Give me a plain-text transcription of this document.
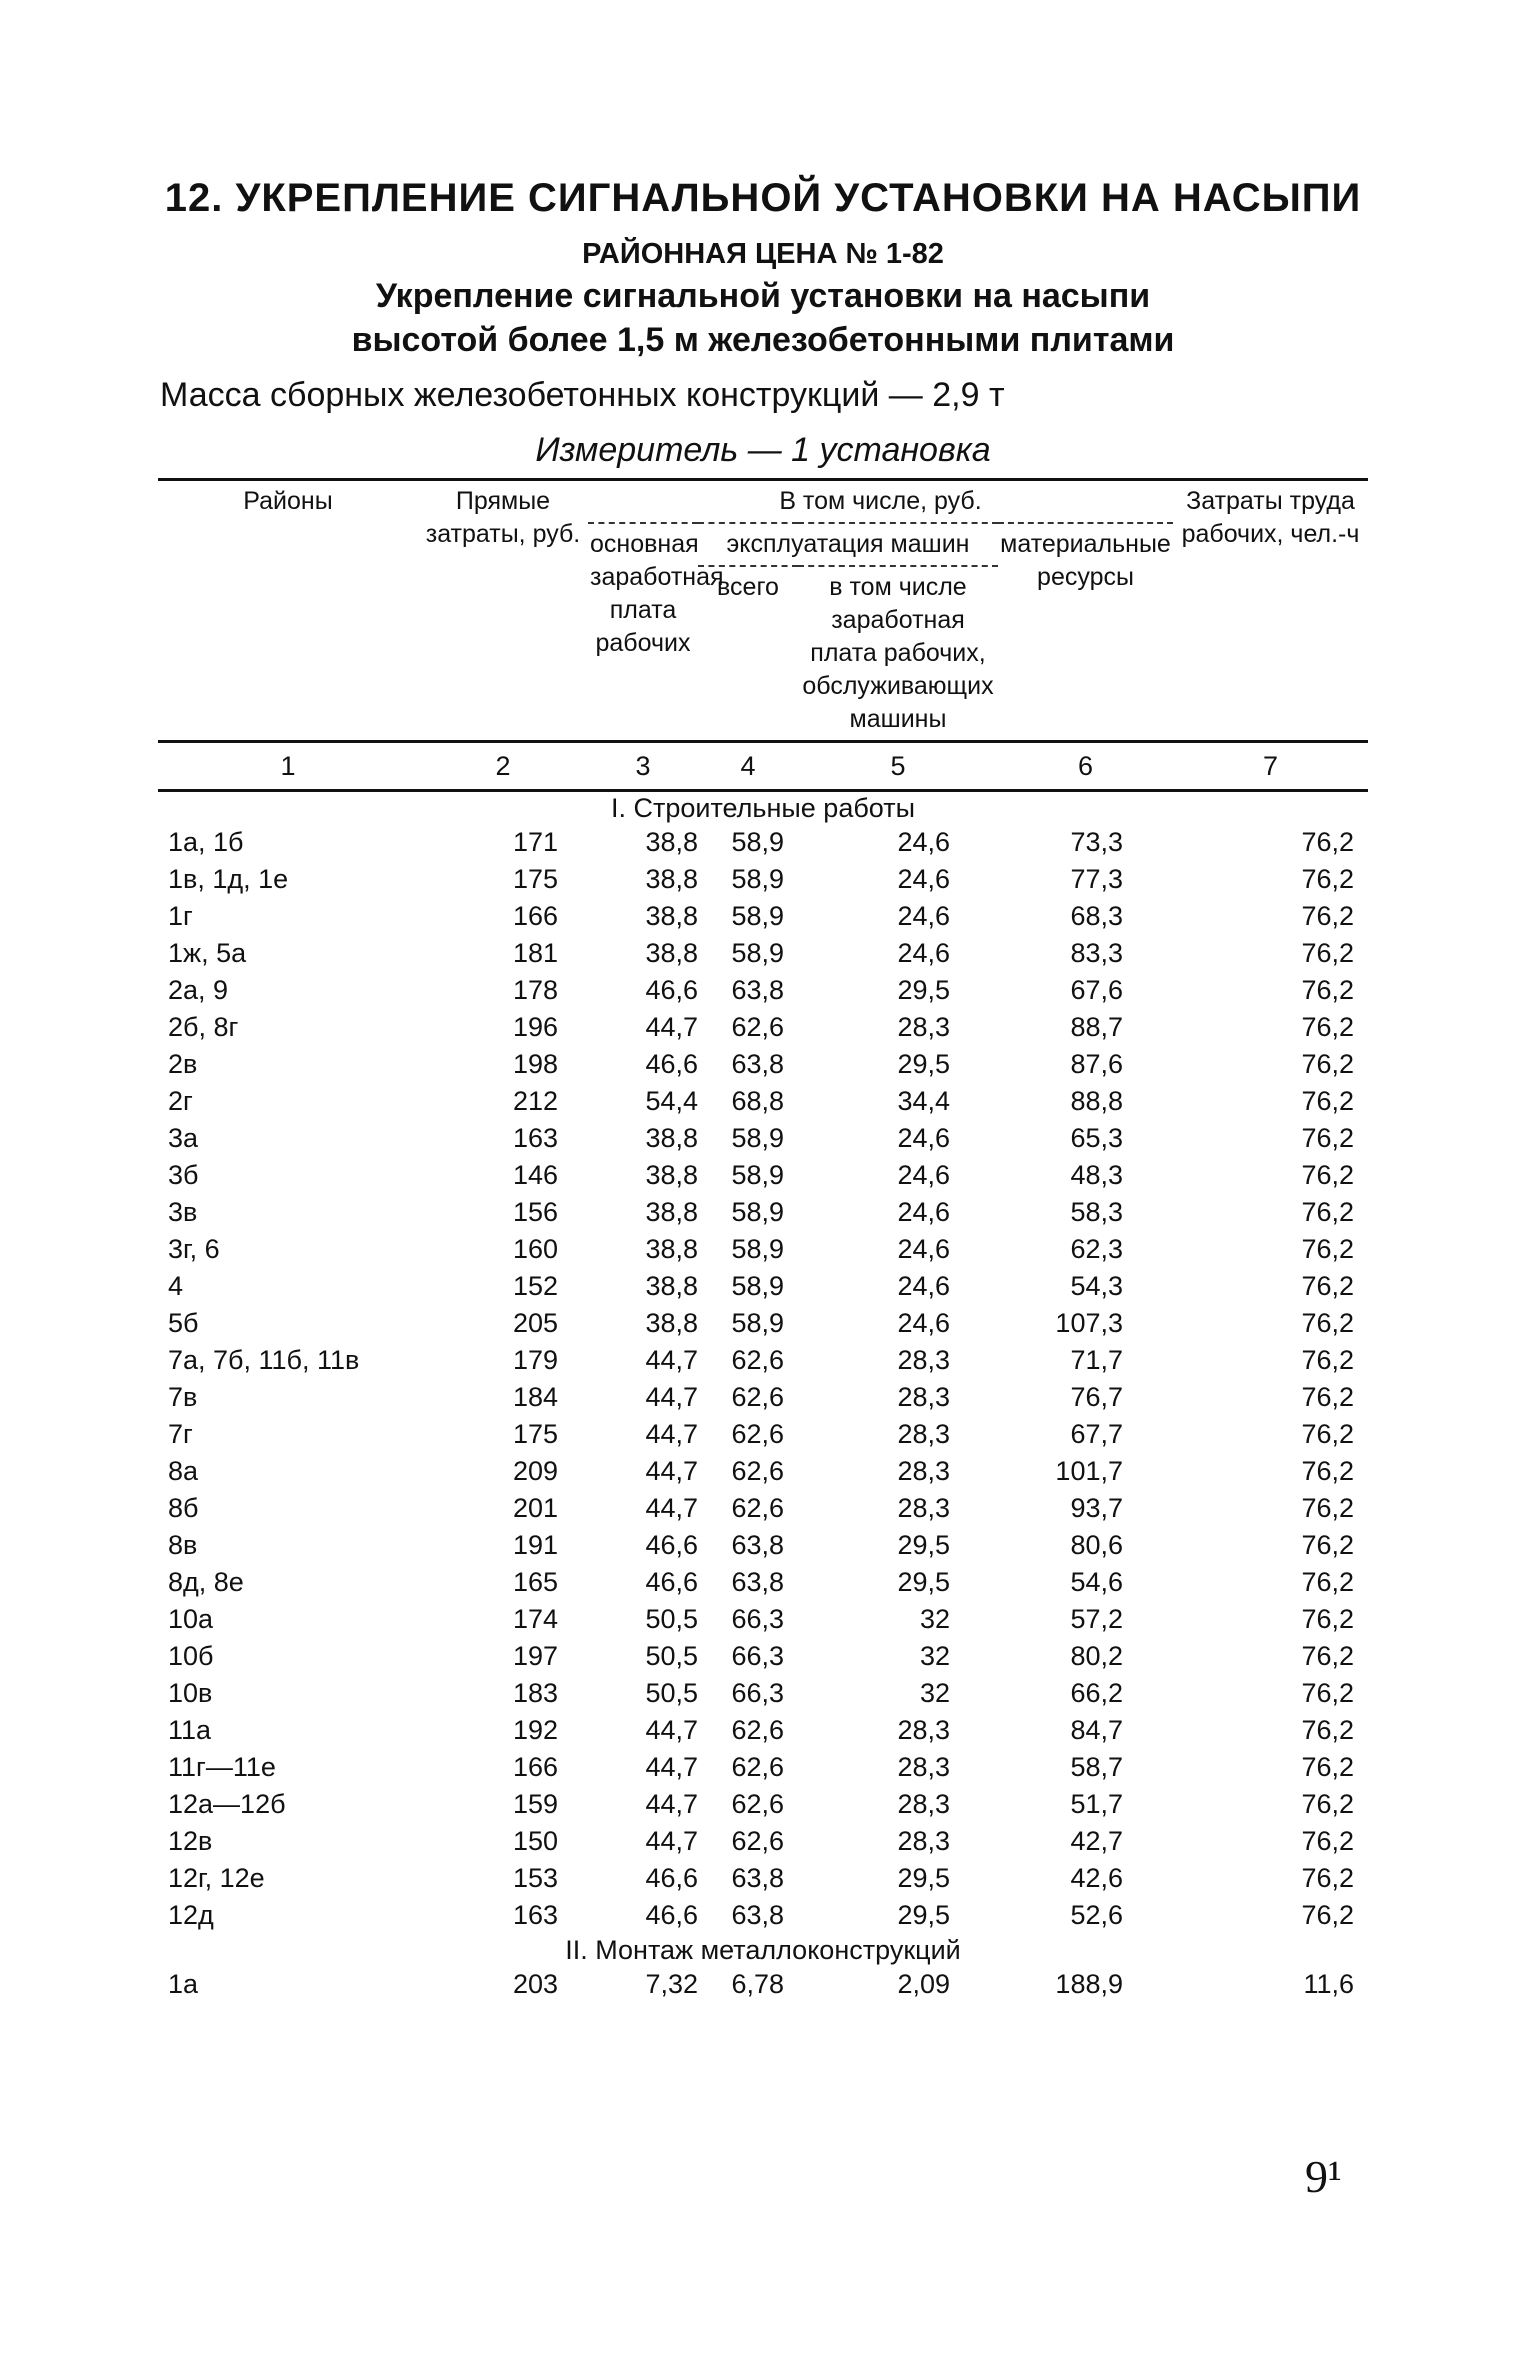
12. УКРЕПЛЕНИЕ СИГНАЛЬНОЙ УСТАНОВКИ НА НАСЫПИ
РАЙОННАЯ ЦЕНА № 1-82
Укрепление сигнальной установки на насыпи
высотой более 1,5 м железобетонными плитами
Масса сборных железобетонных конструкций — 2,9 т
Измеритель — 1 установка
Районы	Прямые затраты, руб.	В том числе, руб.				Затраты труда рабочих, чел.-ч
		основная заработная плата рабочих	эксплуатация машин		материальные ресурсы	
			всего	в том числе заработная плата рабочих, обслуживающих машины		
1	2	3	4	5	6	7
I. Строительные работы						
1а, 1б	171	38,8	58,9	24,6	73,3	76,2
1в, 1д, 1е	175	38,8	58,9	24,6	77,3	76,2
1г	166	38,8	58,9	24,6	68,3	76,2
1ж, 5а	181	38,8	58,9	24,6	83,3	76,2
2а, 9	178	46,6	63,8	29,5	67,6	76,2
2б, 8г	196	44,7	62,6	28,3	88,7	76,2
2в	198	46,6	63,8	29,5	87,6	76,2
2г	212	54,4	68,8	34,4	88,8	76,2
3а	163	38,8	58,9	24,6	65,3	76,2
3б	146	38,8	58,9	24,6	48,3	76,2
3в	156	38,8	58,9	24,6	58,3	76,2
3г, 6	160	38,8	58,9	24,6	62,3	76,2
4	152	38,8	58,9	24,6	54,3	76,2
5б	205	38,8	58,9	24,6	107,3	76,2
7а, 7б, 11б, 11в	179	44,7	62,6	28,3	71,7	76,2
7в	184	44,7	62,6	28,3	76,7	76,2
7г	175	44,7	62,6	28,3	67,7	76,2
8а	209	44,7	62,6	28,3	101,7	76,2
8б	201	44,7	62,6	28,3	93,7	76,2
8в	191	46,6	63,8	29,5	80,6	76,2
8д, 8е	165	46,6	63,8	29,5	54,6	76,2
10а	174	50,5	66,3	32	57,2	76,2
10б	197	50,5	66,3	32	80,2	76,2
10в	183	50,5	66,3	32	66,2	76,2
11а	192	44,7	62,6	28,3	84,7	76,2
11г—11е	166	44,7	62,6	28,3	58,7	76,2
12а—12б	159	44,7	62,6	28,3	51,7	76,2
12в	150	44,7	62,6	28,3	42,7	76,2
12г, 12е	153	46,6	63,8	29,5	42,6	76,2
12д	163	46,6	63,8	29,5	52,6	76,2
II. Монтаж металлоконструкций						
1а	203	7,32	6,78	2,09	188,9	11,6
9¹
